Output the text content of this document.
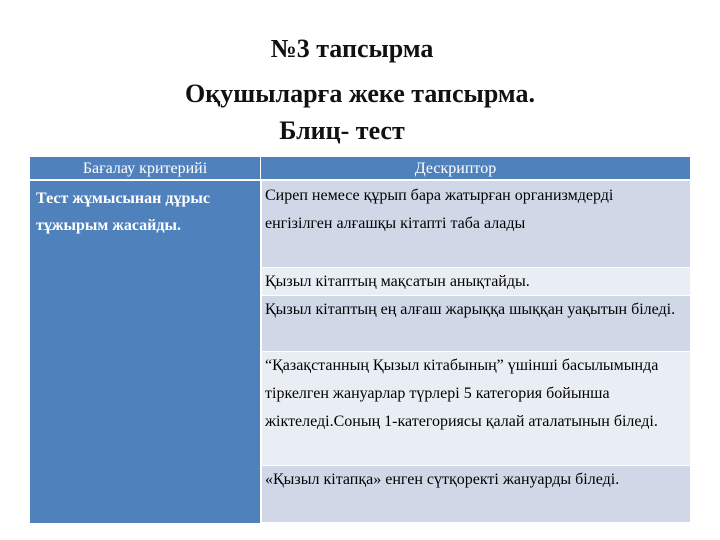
№3 тапсырма
Оқушыларға жеке тапсырма.
Блиц- тест
Бағалау критерийі	Дескриптор
Тест жұмысынан дұрыс тұжырым жасайды.
Сиреп немесе құрып бара жатырған организмдерді енгізілген алғашқы кітапті таба алады
Қызыл кітаптың мақсатын анықтайды.
Қызыл кітаптың ең алғаш жарыққа шыққан уақытын біледі.
“Қазақстанның Қызыл кітабының” үшінші басылымында тіркелген жануарлар түрлері 5 категория бойынша жіктеледі.Соның 1-категориясы қалай аталатынын біледі.
«Қызыл кітапқа» енген сүтқоректі жануарды біледі.
